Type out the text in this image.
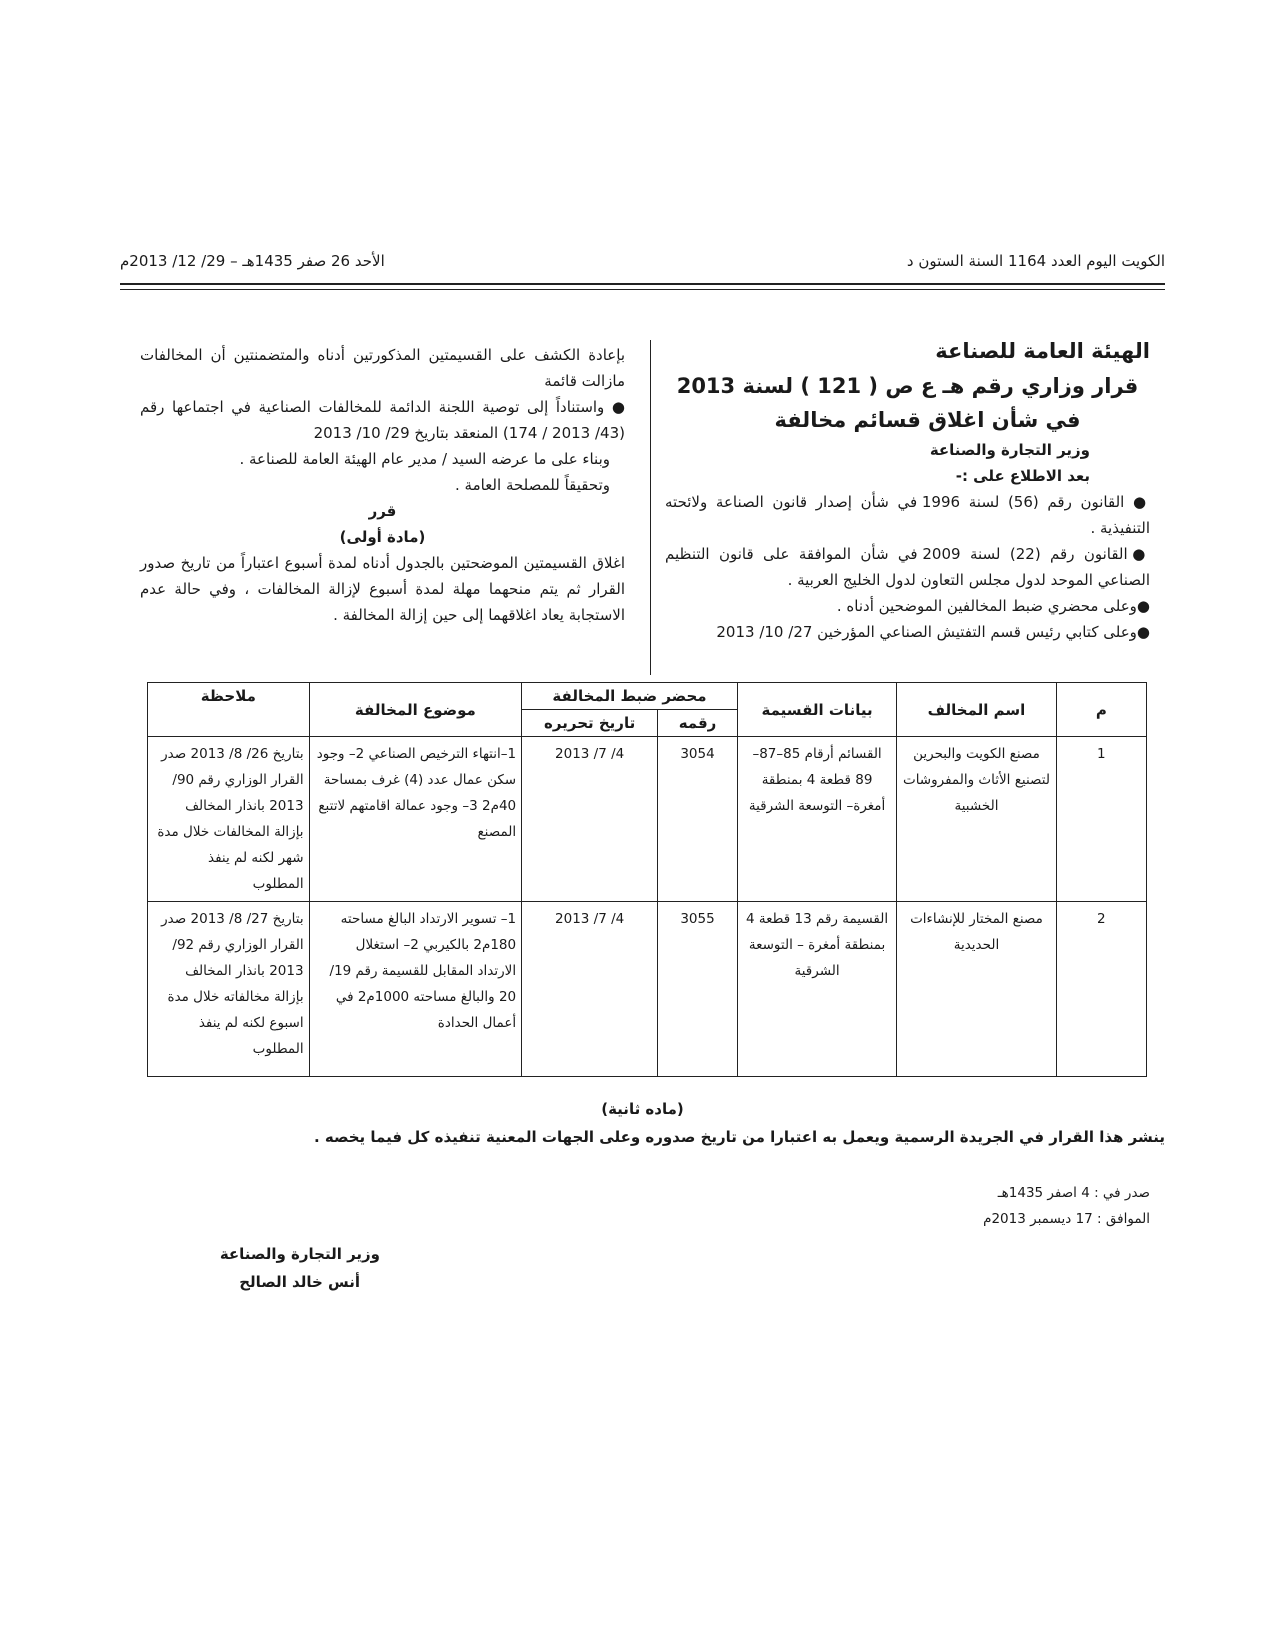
الكويت اليوم العدد 1164 السنة الستون د
الأحد 26 صفر 1435هـ – 29/ 12/ 2013م
الهيئة العامة للصناعة
قرار وزاري رقم هـ ع ص ( 121 ) لسنة 2013
في شأن اغلاق قسائم مخالفة
وزير التجارة والصناعة
بعد الاطلاع على :-
● القانون رقم (56) لسنة 1996 في شأن إصدار قانون الصناعة ولائحته التنفيذية .
●القانون رقم (22) لسنة 2009 في شأن الموافقة على قانون التنظيم الصناعي الموحد لدول مجلس التعاون لدول الخليج العربية .
●وعلى محضري ضبط المخالفين الموضحين أدناه .
●وعلى كتابي رئيس قسم التفتيش الصناعي المؤرخين 27/ 10/ 2013
بإعادة الكشف على القسيمتين المذكورتين أدناه والمتضمنتين أن المخالفات مازالت قائمة
● واستناداً إلى توصية اللجنة الدائمة للمخالفات الصناعية في اجتماعها رقم (43/ 2013 / 174) المنعقد بتاريخ 29/ 10/ 2013
وبناء على ما عرضه السيد / مدير عام الهيئة العامة للصناعة .
وتحقيقاً للمصلحة العامة .
قرر
(مادة أولى)
اغلاق القسيمتين الموضحتين بالجدول أدناه لمدة أسبوع اعتباراً من تاريخ صدور القرار ثم يتم منحهما مهلة لمدة أسبوع لإزالة المخالفات ، وفي حالة عدم الاستجابة يعاد اغلاقهما إلى حين إزالة المخالفة .
م	اسم المخالف	بيانات القسيمة	محضر ضبط المخالفة		موضوع المخالفة	ملاحظة
			رقمه	تاريخ تحريره		
1	مصنع الكويت والبحرين لتصنيع الأثاث والمفروشات الخشبية	القسائم أرقام 85–87– 89 قطعة 4 بمنطقة أمغرة– التوسعة الشرقية	3054	4/ 7/ 2013	1–انتهاء الترخيص الصناعي 2– وجود سكن عمال عدد (4) غرف بمساحة 40م2 3– وجود عمالة اقامتهم لاتتبع المصنع	بتاريخ 26/ 8/ 2013 صدر القرار الوزاري رقم 90/ 2013 بانذار المخالف بإزالة المخالفات خلال مدة شهر لكنه لم ينفذ المطلوب
2	مصنع المختار للإنشاءات الحديدية	القسيمة رقم 13 قطعة 4 بمنطقة أمغرة – التوسعة الشرقية	3055	4/ 7/ 2013	1– تسوير الارتداد البالغ مساحته 180م2 بالكيربي 2– استغلال الارتداد المقابل للقسيمة رقم 19/ 20 والبالغ مساحته 1000م2 في أعمال الحدادة	بتاريخ 27/ 8/ 2013 صدر القرار الوزاري رقم 92/ 2013 بانذار المخالف بإزالة مخالفاته خلال مدة اسبوع لكنه لم ينفذ المطلوب
(ماده ثانية)
ينشر هذا القرار في الجريدة الرسمية ويعمل به اعتبارا من تاريخ صدوره وعلى الجهات المعنية تنفيذه كل فيما يخصه .
صدر في : 4 اصفر 1435هـ
الموافق : 17 ديسمبر 2013م
وزير التجارة والصناعة
أنس خالد الصالح
